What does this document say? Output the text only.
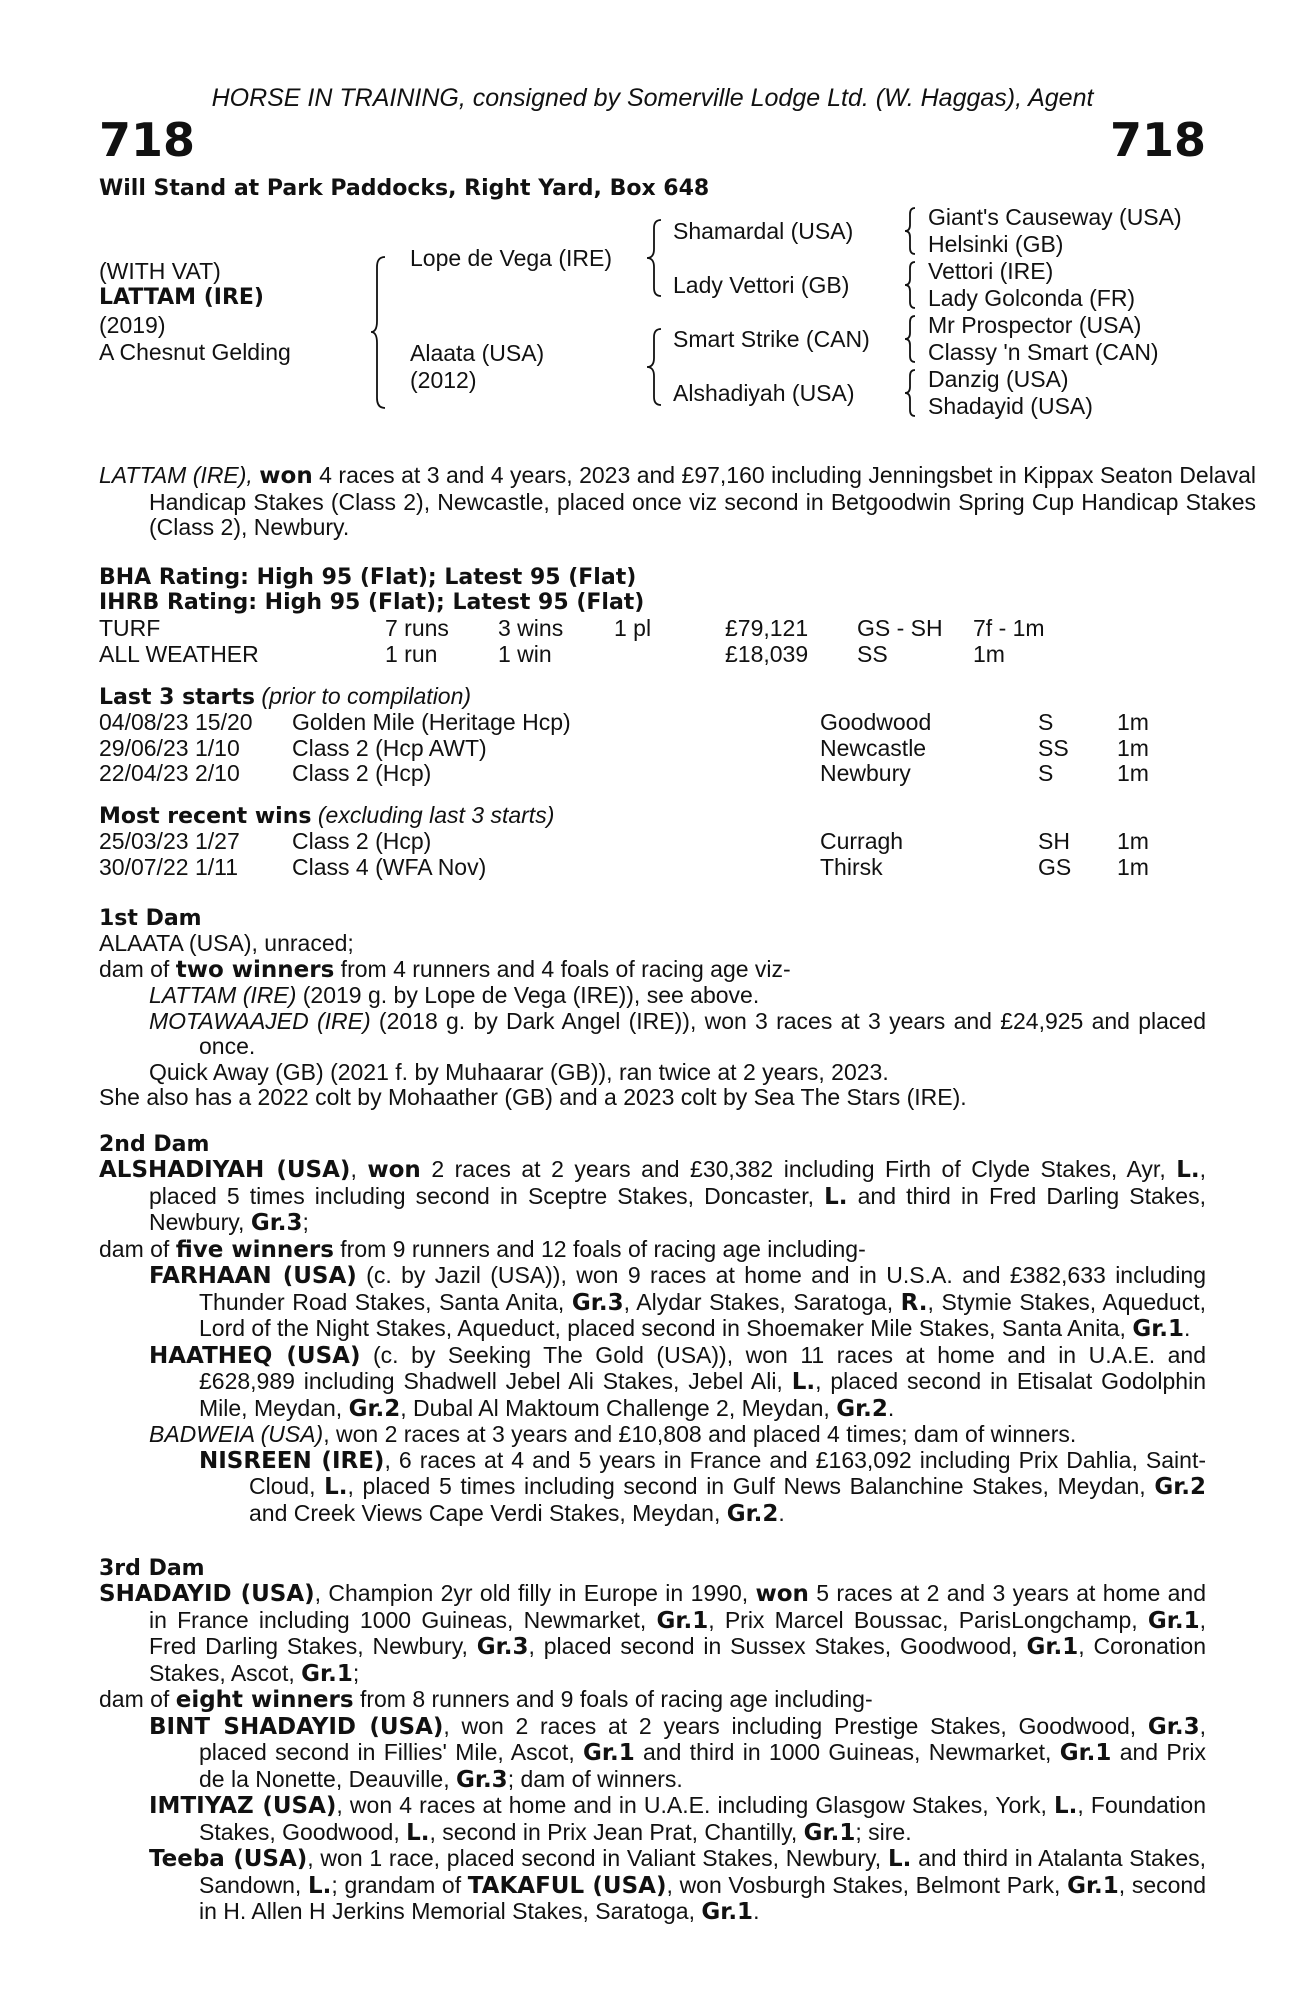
HORSE IN TRAINING, consigned by Somerville Lodge Ltd. (W. Haggas), Agent
718	718
Will Stand at Park Paddocks, Right Yard, Box 648
(WITH VAT)
LATTAM (IRE)
(2019)
A Chesnut Gelding
Lope de Vega (IRE)
Alaata (USA)
(2012)
Shamardal (USA)
Lady Vettori (GB)
Smart Strike (CAN)
Alshadiyah (USA)
Giant's Causeway (USA)
Helsinki (GB)
Vettori (IRE)
Lady Golconda (FR)
Mr Prospector (USA)
Classy 'n Smart (CAN)
Danzig (USA)
Shadayid (USA)

LATTAM (IRE), won 4 races at 3 and 4 years, 2023 and £97,160 including Jenningsbet in Kippax Seaton Delaval Handicap Stakes (Class 2), Newcastle, placed once viz second in Betgoodwin Spring Cup Handicap Stakes (Class 2), Newbury.

BHA Rating: High 95 (Flat); Latest 95 (Flat)
IHRB Rating: High 95 (Flat); Latest 95 (Flat)
TURF	7 runs 3 wins 1 pl	£79,121 GS - SH 7f - 1m
ALL WEATHER	1 run	1 win	£18,039 SS	1m
Last 3 starts (prior to compilation)
04/08/23 15/20 Golden Mile (Heritage Hcp)	Goodwood	S	1m
29/06/23 1/10 Class 2 (Hcp AWT)	Newcastle	SS 1m
22/04/23 2/10 Class 2 (Hcp)	Newbury	S	1m
Most recent wins (excluding last 3 starts)
25/03/23 1/27 Class 2 (Hcp)	Curragh	SH 1m
30/07/22 1/11 Class 4 (WFA Nov)	Thirsk	GS 1m
1st Dam

ALAATA (USA), unraced;

dam of two winners from 4 runners and 4 foals of racing age viz-

LATTAM (IRE) (2019 g. by Lope de Vega (IRE)), see above.

MOTAWAAJED (IRE) (2018 g. by Dark Angel (IRE)), won 3 races at 3 years and £24,925 and placed once.

Quick Away (GB) (2021 f. by Muhaarar (GB)), ran twice at 2 years, 2023.

She also has a 2022 colt by Mohaather (GB) and a 2023 colt by Sea The Stars (IRE).

2nd Dam

ALSHADIYAH (USA), won 2 races at 2 years and £30,382 including Firth of Clyde Stakes, Ayr, L., placed 5 times including second in Sceptre Stakes, Doncaster, L. and third in Fred Darling Stakes, Newbury, Gr.3;

dam of five winners from 9 runners and 12 foals of racing age including-

FARHAAN (USA) (c. by Jazil (USA)), won 9 races at home and in U.S.A. and £382,633 including Thunder Road Stakes, Santa Anita, Gr.3, Alydar Stakes, Saratoga, R., Stymie Stakes, Aqueduct, Lord of the Night Stakes, Aqueduct, placed second in Shoemaker Mile Stakes, Santa Anita, Gr.1.

HAATHEQ (USA) (c. by Seeking The Gold (USA)), won 11 races at home and in U.A.E. and £628,989 including Shadwell Jebel Ali Stakes, Jebel Ali, L., placed second in Etisalat Godolphin Mile, Meydan, Gr.2, Dubal Al Maktoum Challenge 2, Meydan, Gr.2.

BADWEIA (USA), won 2 races at 3 years and £10,808 and placed 4 times; dam of winners.

NISREEN (IRE), 6 races at 4 and 5 years in France and £163,092 including Prix Dahlia, Saint-Cloud, L., placed 5 times including second in Gulf News Balanchine Stakes, Meydan, Gr.2 and Creek Views Cape Verdi Stakes, Meydan, Gr.2.

3rd Dam

SHADAYID (USA), Champion 2yr old filly in Europe in 1990, won 5 races at 2 and 3 years at home and in France including 1000 Guineas, Newmarket, Gr.1, Prix Marcel Boussac, ParisLongchamp, Gr.1, Fred Darling Stakes, Newbury, Gr.3, placed second in Sussex Stakes, Goodwood, Gr.1, Coronation Stakes, Ascot, Gr.1;

dam of eight winners from 8 runners and 9 foals of racing age including-

BINT SHADAYID (USA), won 2 races at 2 years including Prestige Stakes, Goodwood, Gr.3, placed second in Fillies' Mile, Ascot, Gr.1 and third in 1000 Guineas, Newmarket, Gr.1 and Prix de la Nonette, Deauville, Gr.3; dam of winners.

IMTIYAZ (USA), won 4 races at home and in U.A.E. including Glasgow Stakes, York, L., Foundation Stakes, Goodwood, L., second in Prix Jean Prat, Chantilly, Gr.1; sire.

Teeba (USA), won 1 race, placed second in Valiant Stakes, Newbury, L. and third in Atalanta Stakes, Sandown, L.; grandam of TAKAFUL (USA), won Vosburgh Stakes, Belmont Park, Gr.1, second in H. Allen H Jerkins Memorial Stakes, Saratoga, Gr.1.
